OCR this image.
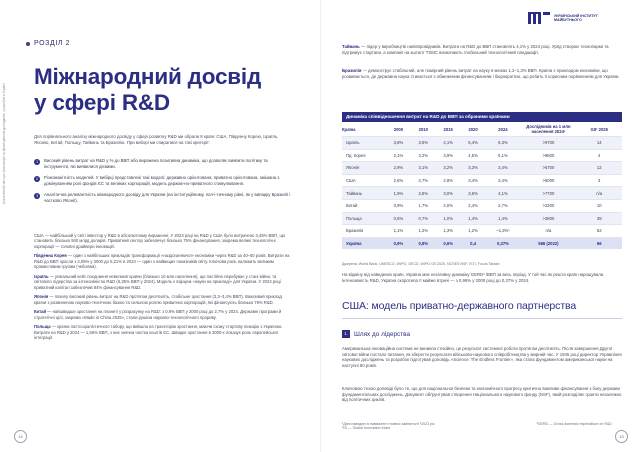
Аналітичний звіт про реалізацію та фінансування досліджень і розробок в Україні
РОЗДІЛ 2
Міжнародний досвід
у сфері R&D
Для порівняльного аналізу міжнародного досвіду у сфері розвитку R&D ми обрали 8 країн: США, Південну Корею, Ізраїль, Японію, Китай, Польщу, Тайвань та Бразилію. При виборі ми спиралися на такі критерії:
1	Високий рівень витрат на R&D у % до ВВП або виражена позитивна динаміка, що дозволяє виявити політику та інструменти, які виявилися дієвими.
2	Різноманітність моделей. У вибірці представлені такі моделі: державно орієнтована, приватно орієнтована, змішана з домінуванням ролі фондів ЄС та великих корпорацій, модель держав-но-приватного стимулювання.
3	Аналітична релевантність міжнародного досвіду для України (на інституційному, пол-і-тичному рівні, як у випадку Бразилії і частково Японії).

США — найбільший у світі інвестор у R&D в абсолютному вираженні. У 2023 році на R&D у США було витрачено 3,45% ВВП, що становить близько 940 млрд доларів. Приватний сектор забезпечує близько 75% фінансування, зокрема великі технологічні корпорації — головні драйвери інновацій.

Південна Корея — один з найбільших прикладів трансформації «наздоганяючої» економіки через R&D за 40–50 років. Витрати на R&D до ВВП зросли з 2,05% у 2000 до 5,21% в 2024 — один з найвищих показників світу. Ключова роль належить великим промисловим групам (чеболям).

Ізраїль — унікальний кейс поєднання невеликої країни (близько 10 млн населення), що постійно перебуває у стані війни, та світового лідерства за інтенсивністю R&D (6,35% ВВП у 2024). Модель є взірцем «науки на прикладі» для України. У 2024 році приватний капітал забезпечив 84% фінансування R&D.

Японія — похилу високий рівень витрат на R&D протягом десятиліть, стабільне зростання (3,3–3,4% ВВП). Важливий приклад країни з розвиненою науково-технічною базою та сильною роллю приватних корпорацій, які фінансують близько 79% R&D.

Китай — найшвидше зростання на планеті у розрахунку на R&D: з 0,9% ВВП у 2000 році до 2,7% у 2024. Державні програми й стратегічні цілі, зокрема «Made in China 2025», стали рушієм науково-технологічного прориву.

Польща — країна постсоціалістичного табору, що вийшла на траєкторію зростання, маючи схожу стартову позицію з Україною. Витрати на R&D у 2024 — 1,56% ВВП, з них значна частка коштів ЄС. Швидке зростання в 2000-х показує роль європейської інтеграції.

14
УКРАЇНСЬКИЙ ІНСТИТУТ МАЙБУТНЬОГО
Тайвань — лідер у виробництві напівпровідників. Витрати на R&D до ВВП становлять 4,1% у 2024 році. Уряд створює технопарки та підтримує стартапи, а компанії на кшталт TSMC визначають глобальний технологічний ландшафт.
Бразилія — демонструє стабільний, але помірний рівень витрат на науку в межах 1,2–1,3% ВВП. Країна є прикладом економіки, що розвивається, де державна наука стикається з обмеженим фінансуванням і бюрократією, що робить її корисним порівнянням для України.
Динаміка співвідношення витрат на R&D до ВВП за обраними країнами
Країна	2000	2010	2015	2020	2024	Дослідників на 1 млн населення 2024¹	GII² 2025
Ізраїль	3,8%	3,8%	4,1%	5,4%	6,3%	>9700	14
Пд. Корея	2,1%	3,2%	3,9%	4,5%	5,1%	>9500	4
Японія	2,9%	3,1%	3,2%	3,3%	3,4%	>5700	12
США	2,6%	2,7%	2,8%	3,4%	3,4%	>5000	3
Тайвань	1,9%	2,8%	3,0%	3,6%	4,1%	>7700	n/a
Китай	0,9%	1,7%	2,0%	2,4%	2,7%	>2200	10
Польща	0,6%	0,7%	1,0%	1,4%	1,4%	>3800	39
Бразилія	1,1%	1,2%	1,3%	1,2%	~1,2%¹	n/a	52
Україна	0,9%	0,8%	0,6%	0,4	0,37%	586 (2022)	66
Джерела: World Bank, UNESCO, WIPO, OECD, WIPO GII 2025, NCSES NSF, ISTI, Focus Taiwan
На відміну від наведених країн, Україна має негативну динаміку GERD³ /ВВП за весь період. У той час як решта країн нарощувала інтенсивність R&D, Україна скоротила її майже втричі — з 0,96% у 2000 році до 0,37% у 2024.
США: модель приватно-державного партнерства
1. Шлях до лідерства
Американська інноваційна система не виникла стихійно, це результат системної роботи протягом десятиліть. Після завершення Другої світової війни постало питання, як зберегти результати військово-наукового співробітництва у мирний час. У 1945 році директор Управління наукових досліджень та розробок підготував доповідь «Science: The Endless Frontier», яка стала фундаментом американської науки на наступні 80 років.
Ключовою тезою доповіді було те, що для національної безпеки та економічного прогресу критично важливе фінансування з боку держави фундаментальних досліджень. Документ обґрунтував створення Національного наукового фонду (NSF), який розподіляє гранти незалежно від політичних циклів.
¹Дані наведені в еквіваленті повної зайнятості ¹2023 рік
²GI — Global Innovation Index
³GERD — Gross domestic expenditure on R&D
15
